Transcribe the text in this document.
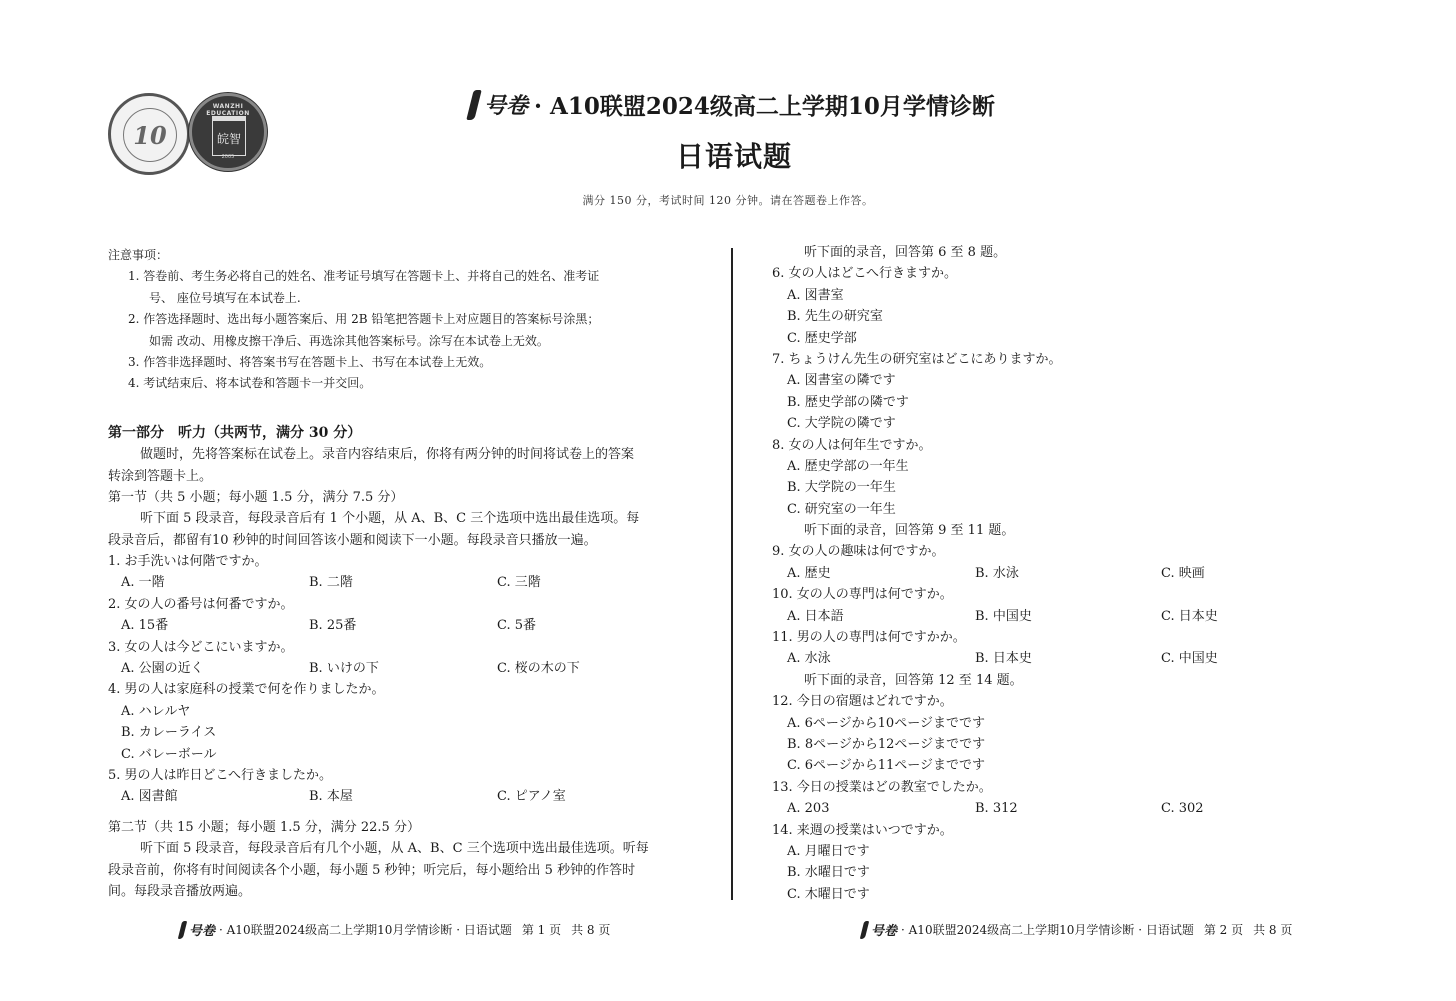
10
WANZHI EDUCATION
皖智
2005
号卷 · A10联盟2024级高二上学期10月学情诊断
日语试题
满分 150 分，考试时间 120 分钟。请在答题卷上作答。
注意事项：
1. 答卷前、考生务必将自己的姓名、准考证号填写在答题卡上、并将自己的姓名、准考证
号、 座位号填写在本试卷上.
2. 作答选择题时、选出每小题答案后、用 2B 铅笔把答题卡上对应题目的答案标号涂黑；
如需 改动、用橡皮擦干净后、再选涂其他答案标号。涂写在本试卷上无效。
3. 作答非选择题时、将答案书写在答题卡上、书写在本试卷上无效。
4. 考试结束后、将本试卷和答题卡一并交回。
第一部分　听力（共两节，满分 30 分）
做题时，先将答案标在试卷上。录音内容结束后，你将有两分钟的时间将试卷上的答案
转涂到答题卡上。
第一节（共 5 小题；每小题 1.5 分，满分 7.5 分）
听下面 5 段录音，每段录音后有 1 个小题，从 A、B、C 三个选项中选出最佳选项。每
段录音后，都留有10 秒钟的时间回答该小题和阅读下一小题。每段录音只播放一遍。
1. お手洗いは何階ですか。
A. 一階	B. 二階	C. 三階
2. 女の人の番号は何番ですか。
A. 15番	B. 25番	C. 5番
3. 女の人は今どこにいますか。
A. 公園の近く	B. いけの下	C. 桜の木の下
4. 男の人は家庭科の授業で何を作りましたか。
A. ハレルヤ
B. カレーライス
C. バレーボール
5. 男の人は昨日どこへ行きましたか。
A. 図書館	B. 本屋	C. ピアノ室
第二节（共 15 小题；每小题 1.5 分，满分 22.5 分）
听下面 5 段录音，每段录音后有几个小题，从 A、B、C 三个选项中选出最佳选项。听每
段录音前，你将有时间阅读各个小题，每小题 5 秒钟；听完后，每小题给出 5 秒钟的作答时
间。每段录音播放两遍。
听下面的录音，回答第 6 至 8 题。
6. 女の人はどこへ行きますか。
A. 図書室
B. 先生の研究室
C. 歴史学部
7. ちょうけん先生の研究室はどこにありますか。
A. 図書室の隣です
B. 歴史学部の隣です
C. 大学院の隣です
8. 女の人は何年生ですか。
A. 歴史学部の一年生
B. 大学院の一年生
C. 研究室の一年生
听下面的录音，回答第 9 至 11 题。
9. 女の人の趣味は何ですか。
A. 歴史	B. 水泳	C. 映画
10. 女の人の専門は何ですか。
A. 日本語	B. 中国史	C. 日本史
11. 男の人の専門は何ですかか。
A. 水泳	B. 日本史	C. 中国史
听下面的录音，回答第 12 至 14 题。
12. 今日の宿題はどれですか。
A. 6ページから10ページまでです
B. 8ページから12ページまでです
C. 6ページから11ページまでです
13. 今日の授業はどの教室でしたか。
A. 203	B. 312	C. 302
14. 来週の授業はいつですか。
A. 月曜日です
B. 水曜日です
C. 木曜日です
号卷 · A10联盟2024级高二上学期10月学情诊断 · 日语试题 第 1 页 共 8 页	号卷 · A10联盟2024级高二上学期10月学情诊断 · 日语试题 第 2 页 共 8 页
